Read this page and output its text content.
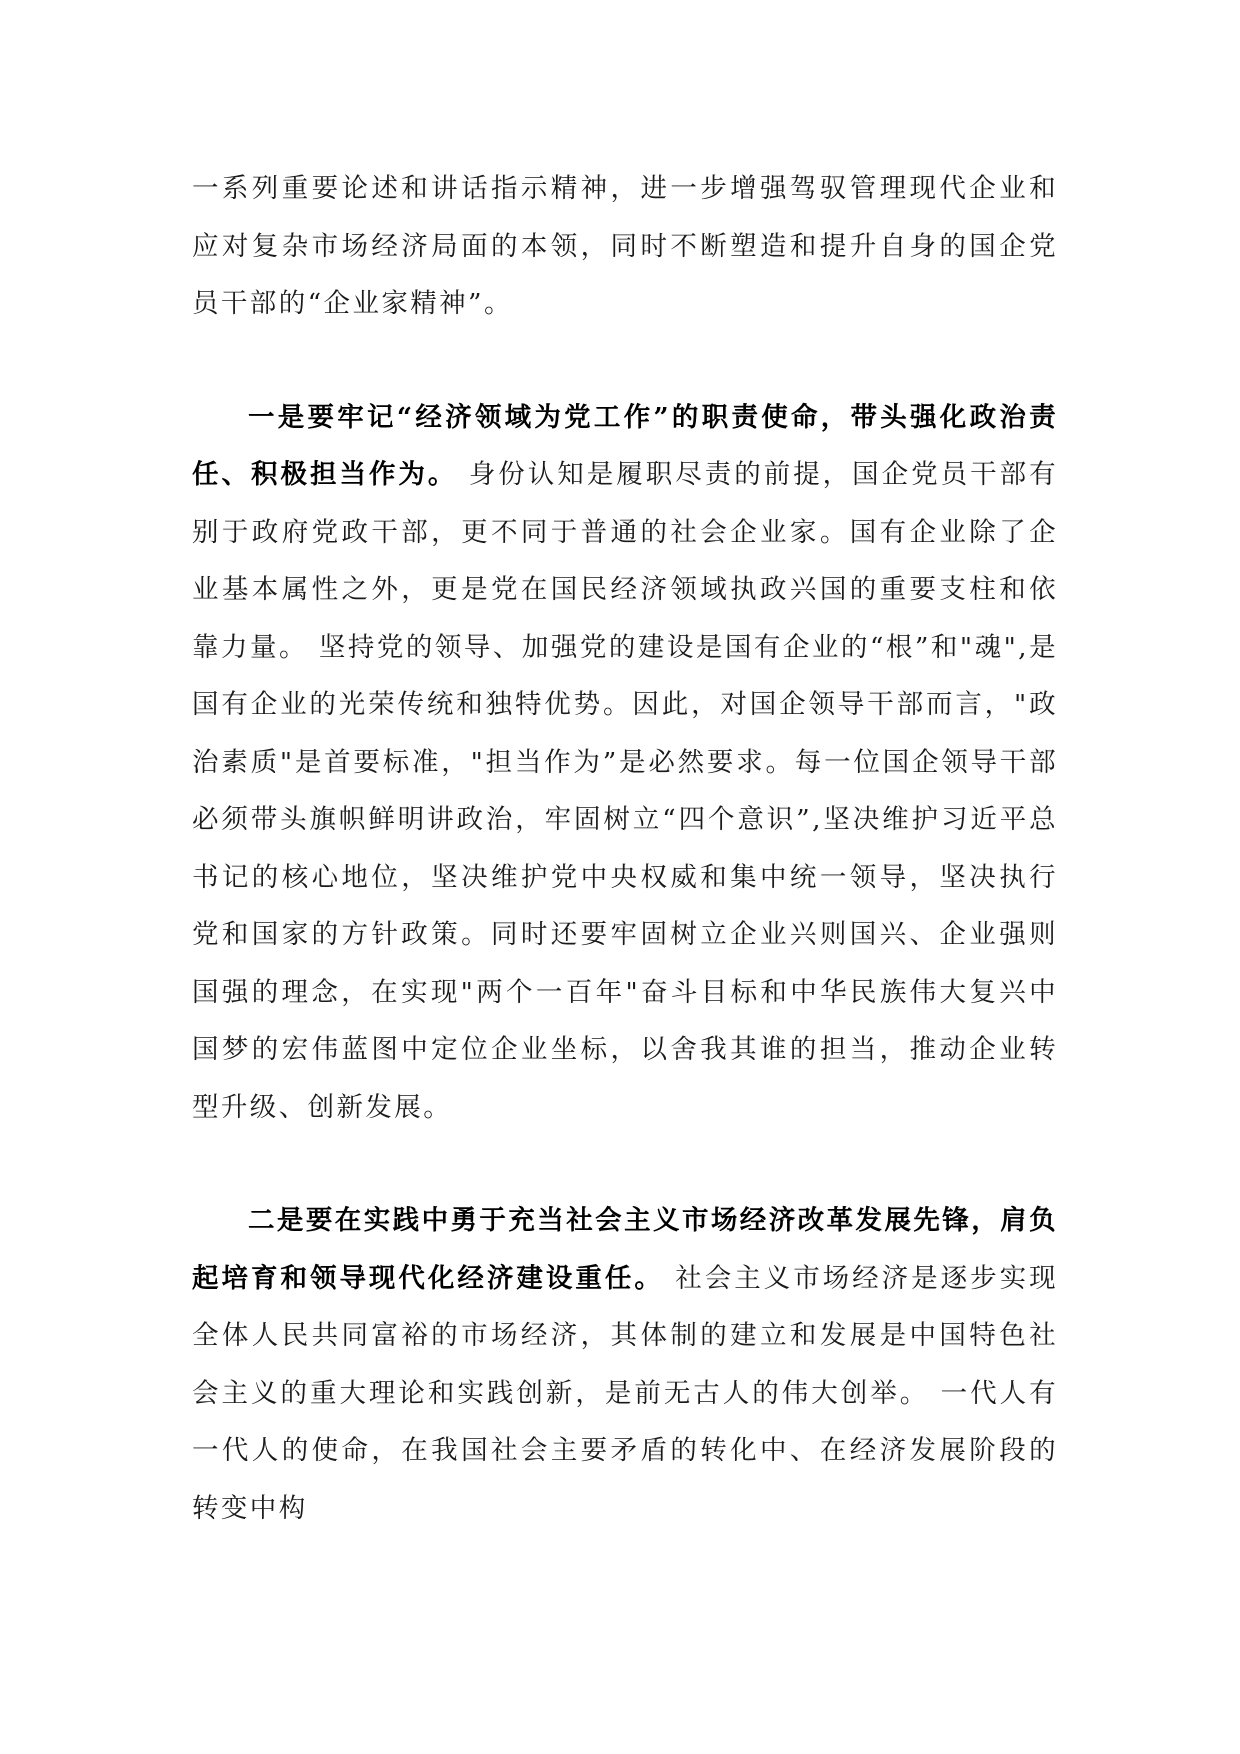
一系列重要论述和讲话指示精神，进一步增强驾驭管理现代企业和应对复杂市场经济局面的本领，同时不断塑造和提升自身的国企党员干部的“企业家精神”。

一是要牢记“经济领域为党工作”的职责使命，带头强化政治责任、积极担当作为。 身份认知是履职尽责的前提，国企党员干部有别于政府党政干部，更不同于普通的社会企业家。国有企业除了企业基本属性之外，更是党在国民经济领域执政兴国的重要支柱和依靠力量。 坚持党的领导、加强党的建设是国有企业的“根”和"魂",是国有企业的光荣传统和独特优势。因此，对国企领导干部而言，"政治素质"是首要标准，"担当作为”是必然要求。每一位国企领导干部必须带头旗帜鲜明讲政治，牢固树立“四个意识”,坚决维护习近平总书记的核心地位，坚决维护党中央权威和集中统一领导，坚决执行党和国家的方针政策。同时还要牢固树立企业兴则国兴、企业强则国强的理念，在实现"两个一百年"奋斗目标和中华民族伟大复兴中国梦的宏伟蓝图中定位企业坐标，以舍我其谁的担当，推动企业转型升级、创新发展。

二是要在实践中勇于充当社会主义市场经济改革发展先锋，肩负起培育和领导现代化经济建设重任。 社会主义市场经济是逐步实现全体人民共同富裕的市场经济，其体制的建立和发展是中国特色社会主义的重大理论和实践创新，是前无古人的伟大创举。 一代人有一代人的使命，在我国社会主要矛盾的转化中、在经济发展阶段的转变中构
